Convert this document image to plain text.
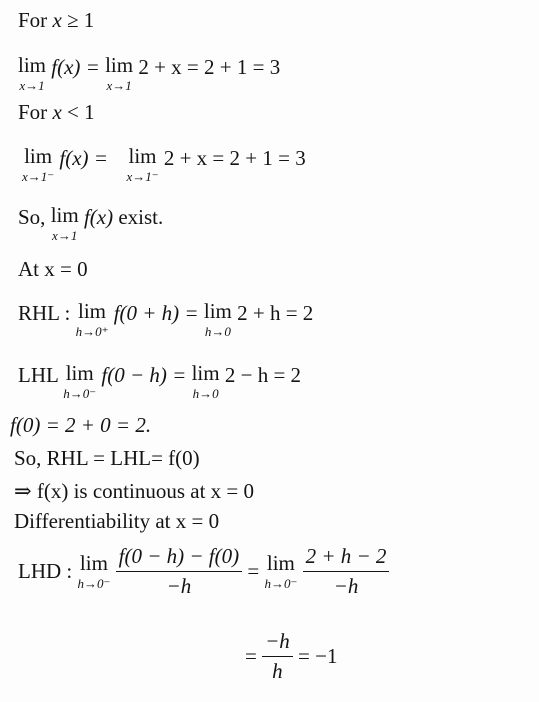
For x ≥ 1
lim
x→1
f(x) = lim
x→1
2 + x = 2 + 1 = 3
For x < 1
lim
x→1⁻
f(x) = lim
x→1⁻
2 + x = 2 + 1 = 3
So, lim
x→1
f(x) exist.
At x = 0
RHL : lim
h→0⁺
f(0 + h) = lim
h→0
2 + h = 2
LHL lim
h→0⁻
f(0 − h) = lim
h→0
2 − h = 2
f(0) = 2 + 0 = 2.
So, RHL = LHL= f(0)
⇒ f(x) is continuous at x = 0
Differentiability at x = 0
LHD : lim
h→0⁻
$\frac{f(0 - h) - f(0)}{-h} = \lim$
h→0⁻
$\frac{2 + h - 2}{-h}$
= $\frac{-h}{h} = -1$
